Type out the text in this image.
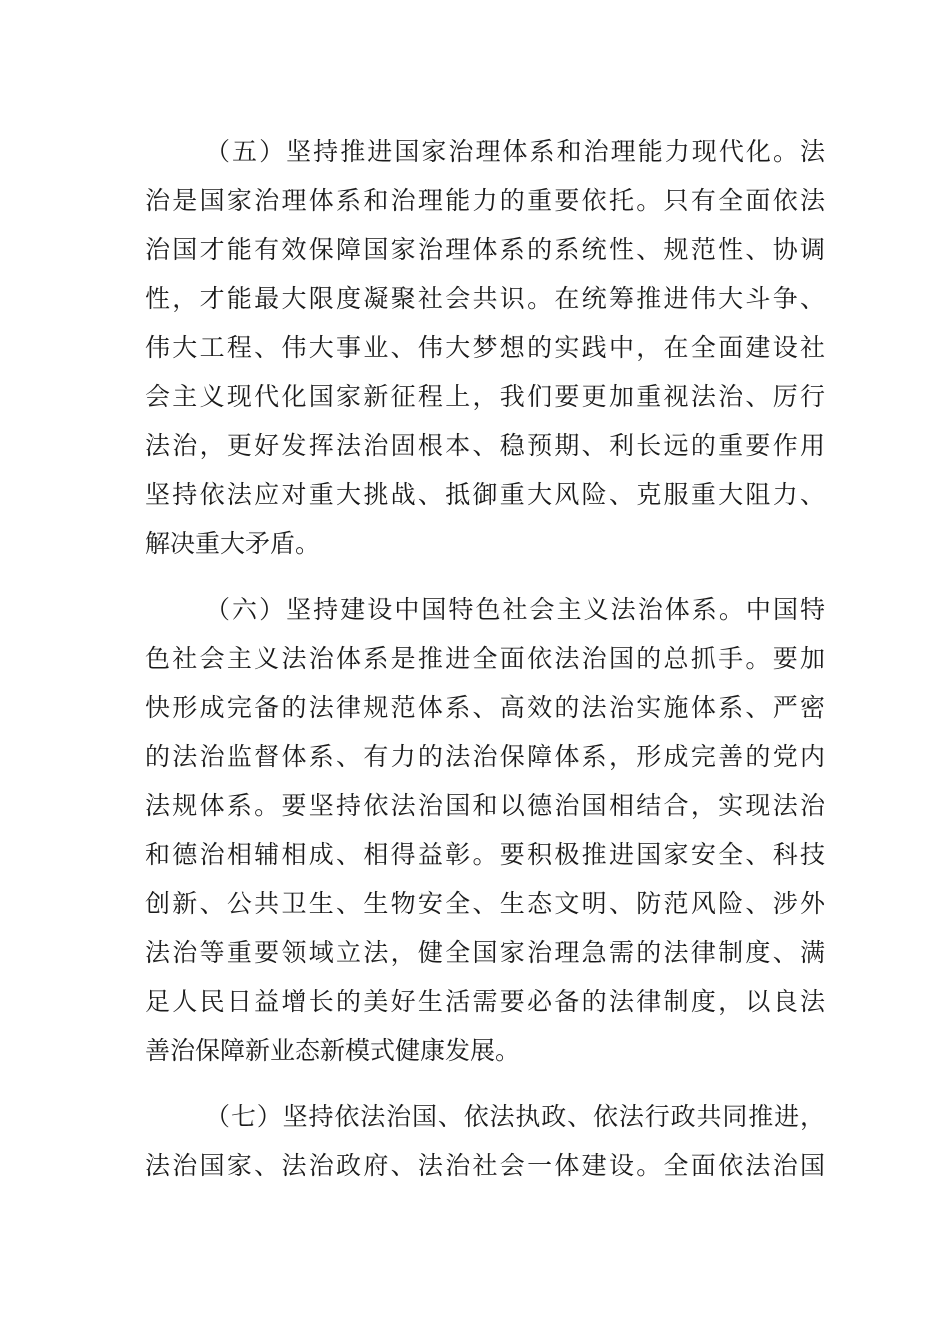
（五）坚持推进国家治理体系和治理能力现代化。法
治是国家治理体系和治理能力的重要依托。只有全面依法
治国才能有效保障国家治理体系的系统性、规范性、协调
性，才能最大限度凝聚社会共识。在统筹推进伟大斗争、
伟大工程、伟大事业、伟大梦想的实践中，在全面建设社
会主义现代化国家新征程上，我们要更加重视法治、厉行
法治，更好发挥法治固根本、稳预期、利长远的重要作用
坚持依法应对重大挑战、抵御重大风险、克服重大阻力、
解决重大矛盾。
（六）坚持建设中国特色社会主义法治体系。中国特
色社会主义法治体系是推进全面依法治国的总抓手。要加
快形成完备的法律规范体系、高效的法治实施体系、严密
的法治监督体系、有力的法治保障体系，形成完善的党内
法规体系。要坚持依法治国和以德治国相结合，实现法治
和德治相辅相成、相得益彰。要积极推进国家安全、科技
创新、公共卫生、生物安全、生态文明、防范风险、涉外
法治等重要领域立法，健全国家治理急需的法律制度、满
足人民日益增长的美好生活需要必备的法律制度，以良法
善治保障新业态新模式健康发展。
（七）坚持依法治国、依法执政、依法行政共同推进，
法治国家、法治政府、法治社会一体建设。全面依法治国
